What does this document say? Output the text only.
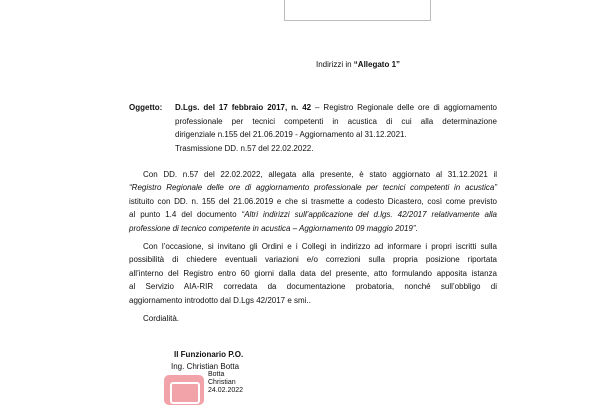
Indirizzi in “Allegato 1”
Oggetto: D.Lgs. del 17 febbraio 2017, n. 42 – Registro Regionale delle ore di aggiornamento
professionale per tecnici competenti in acustica di cui alla determinazione
dirigenziale n.155 del 21.06.2019 - Aggiornamento al 31.12.2021.
Trasmissione DD. n.57 del 22.02.2022.
Con DD. n.57 del 22.02.2022, allegata alla presente, è stato aggiornato al 31.12.2021 il
“Registro Regionale delle ore di aggiornamento professionale per tecnici competenti in acustica”
istituito con DD. n. 155 del 21.06.2019 e che si trasmette a codesto Dicastero, così come previsto
al punto 1.4 del documento “Altri indirizzi sull’applicazione del d.lgs. 42/2017 relativamente alla
professione di tecnico competente in acustica – Aggiornamento 09 maggio 2019”.
Con l’occasione, si invitano gli Ordini e i Collegi in indirizzo ad informare i propri iscritti sulla
possibilità di chiedere eventuali variazioni e/o correzioni sulla propria posizione riportata
all’interno del Registro entro 60 giorni dalla data del presente, atto formulando apposita istanza
al Servizio AIA-RIR corredata da documentazione probatoria, nonché sull’obbligo di
aggiornamento introdotto dal D.Lgs 42/2017 e smi..
Cordialità.
Il Funzionario P.O.
Ing. Christian Botta
Botta
Christian
24.02.2022
